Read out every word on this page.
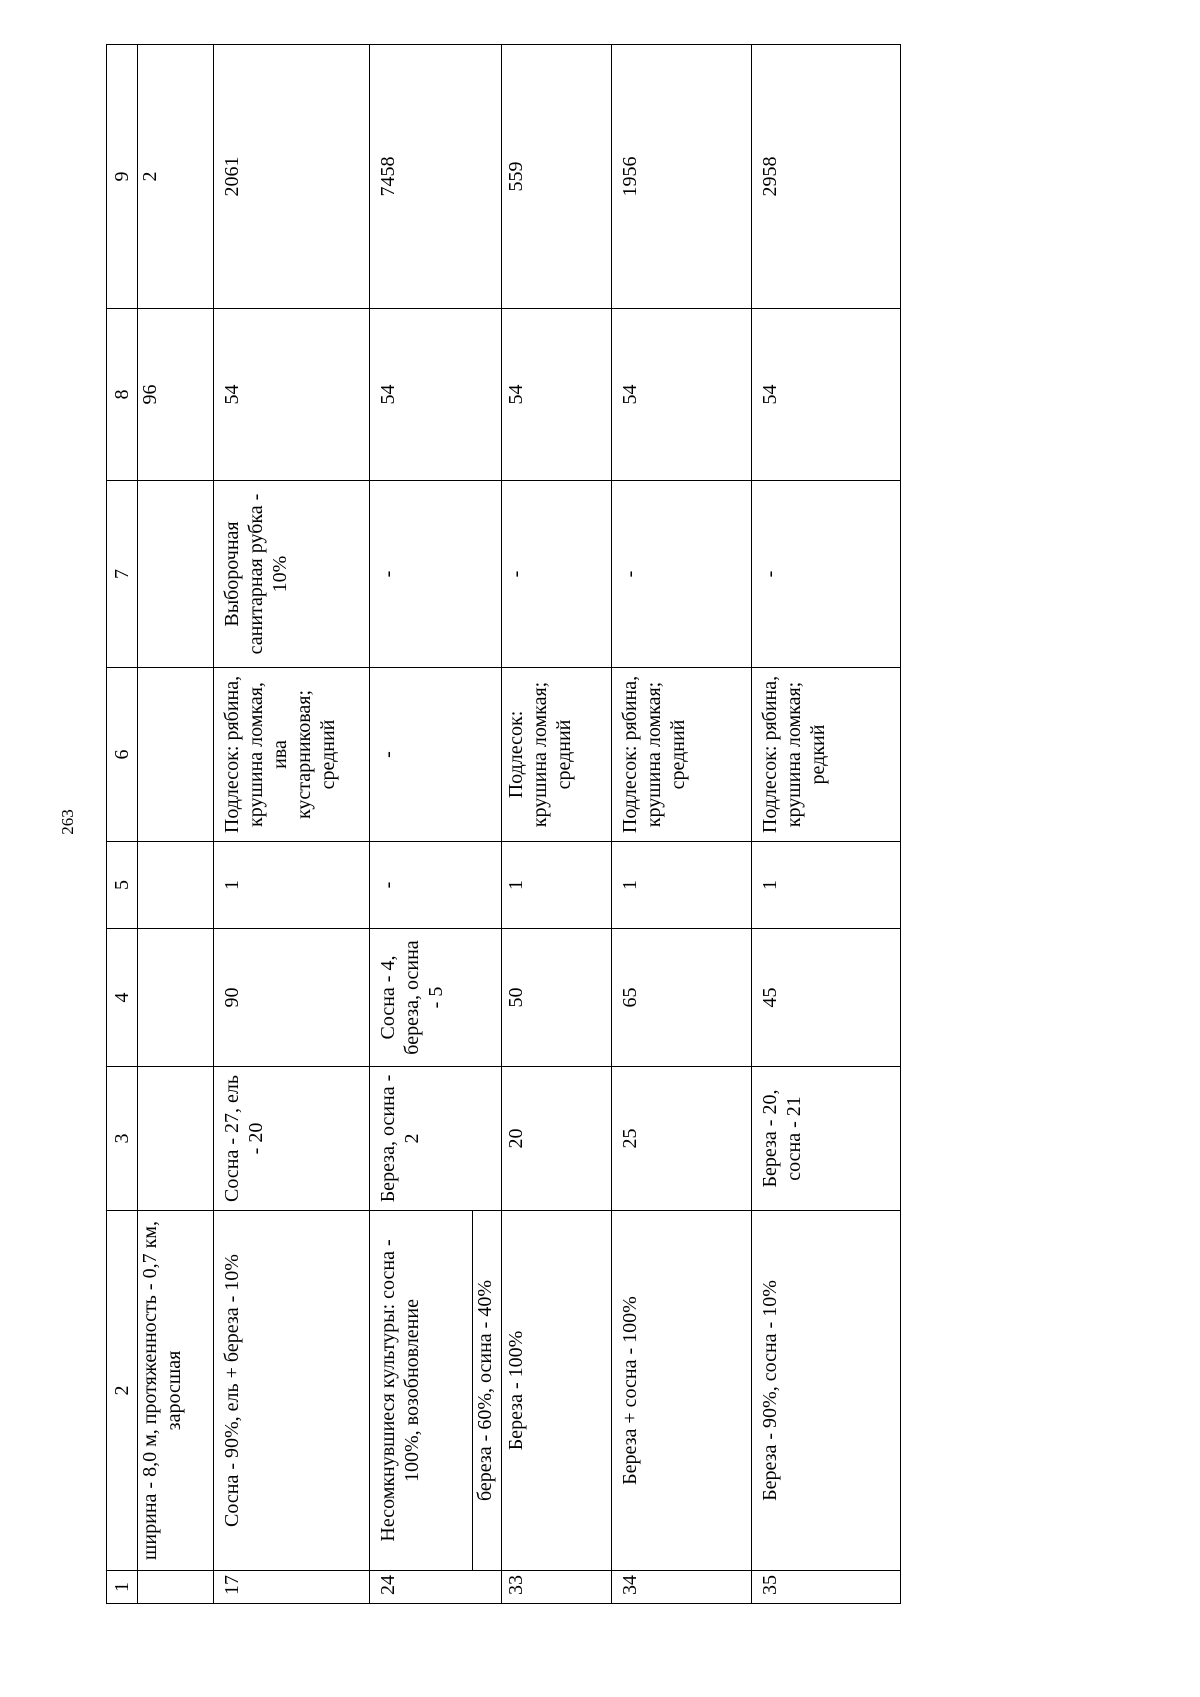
263
1	2	3	4	5	6	7	8	9
	ширина - 8,0 м, протяженность - 0,7 км, заросшая						96	2
17	Сосна - 90%, ель + береза - 10%	Сосна - 27, ель - 20	90	1	Подлесок: рябина, крушина ломкая, ива кустарниковая; средний	Выборочная санитарная рубка - 10%	54	2061
24	Несомкнувшиеся культуры: сосна - 100%, возобновление	Береза, осина - 2	Сосна - 4, береза, осина - 5	-	-	-	54	7458
	береза - 60%, осина - 40%							
33	Береза - 100%	20	50	1	Подлесок: крушина ломкая; средний	-	54	559
34	Береза + сосна - 100%	25	65	1	Подлесок: рябина, крушина ломкая; средний	-	54	1956
35	Береза - 90%, сосна - 10%	Береза - 20, сосна - 21	45	1	Подлесок: рябина, крушина ломкая; редкий	-	54	2958
